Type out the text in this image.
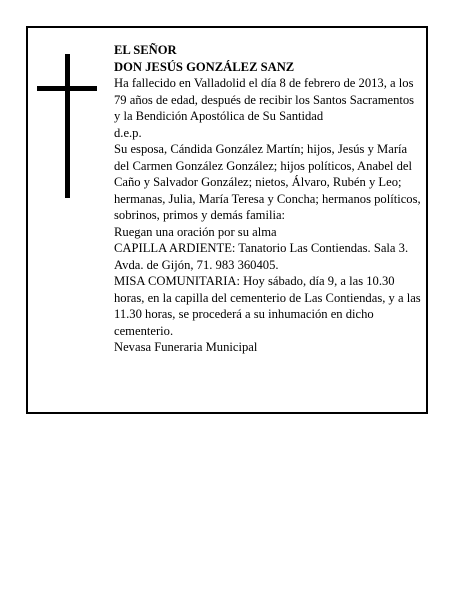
EL SEÑOR

DON JESÚS GONZÁLEZ SANZ

Ha fallecido en Valladolid el día 8 de febrero de 2013, a los 79 años de edad, después de recibir los Santos Sacramentos y la Bendición Apostólica de Su Santidad

d.e.p.

Su esposa, Cándida González Martín; hijos, Jesús y María del Carmen González González; hijos políticos, Anabel del Caño y Salvador González; nietos, Álvaro, Rubén y Leo; hermanas, Julia, María Teresa y Concha; hermanos políticos, sobrinos, primos y demás familia:

Ruegan una oración por su alma

CAPILLA ARDIENTE: Tanatorio Las Contiendas. Sala 3. Avda. de Gijón, 71. 983 360405.

MISA COMUNITARIA: Hoy sábado, día 9, a las 10.30 horas, en la capilla del cementerio de Las Contiendas, y a las 11.30 horas, se procederá a su inhumación en dicho cementerio.

Nevasa Funeraria Municipal
